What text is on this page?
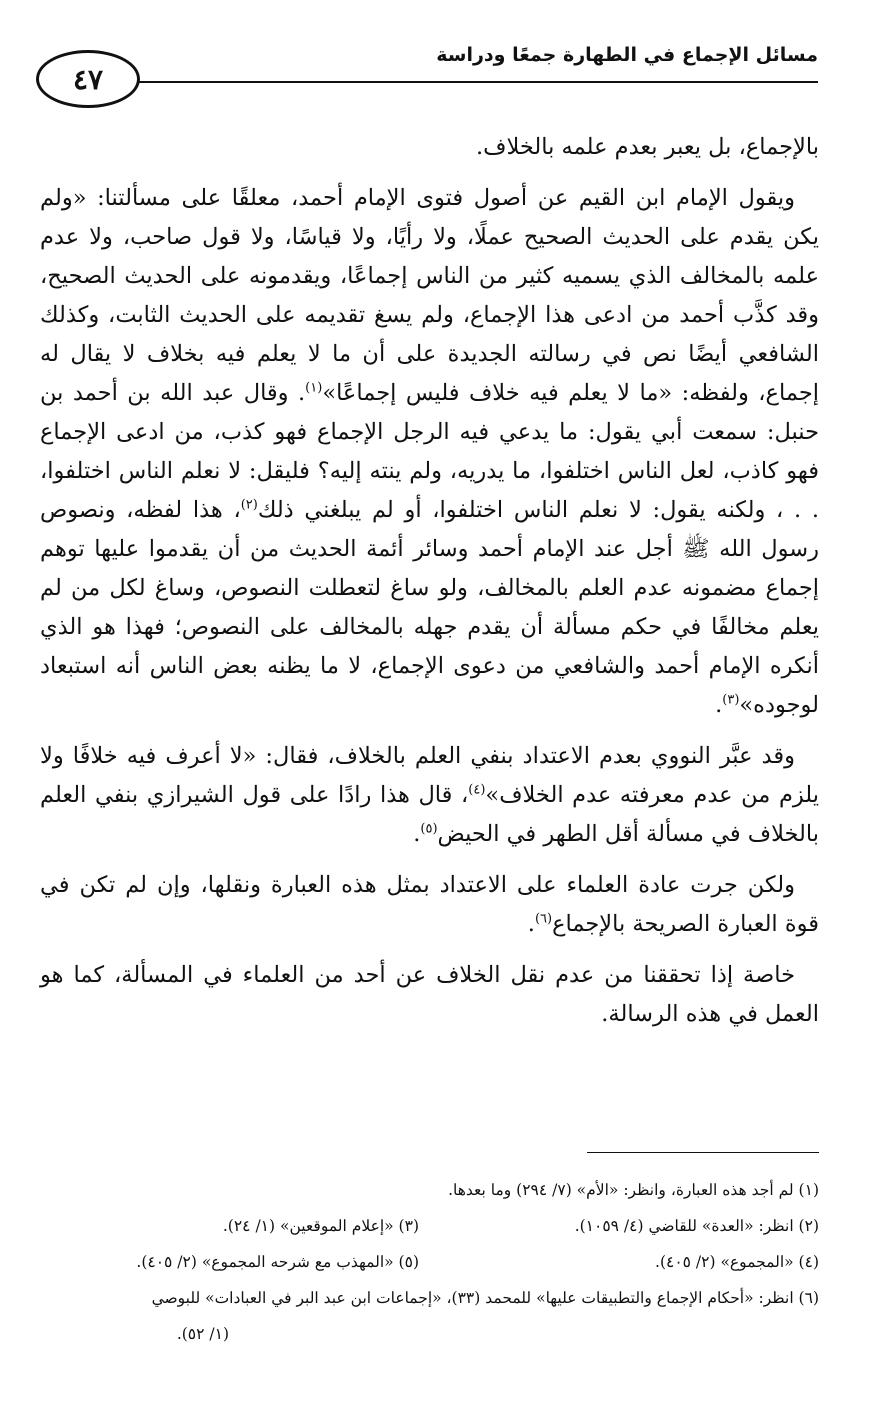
مسائل الإجماع في الطهارة جمعًا ودراسة
٤٧

بالإجماع، بل يعبر بعدم علمه بالخلاف.

ويقول الإمام ابن القيم عن أصول فتوى الإمام أحمد، معلقًا على مسألتنا: «ولم يكن يقدم على الحديث الصحيح عملًا، ولا رأيًا، ولا قياسًا، ولا قول صاحب، ولا عدم علمه بالمخالف الذي يسميه كثير من الناس إجماعًا، ويقدمونه على الحديث الصحيح، وقد كذَّب أحمد من ادعى هذا الإجماع، ولم يسغ تقديمه على الحديث الثابت، وكذلك الشافعي أيضًا نص في رسالته الجديدة على أن ما لا يعلم فيه بخلاف لا يقال له إجماع، ولفظه: «ما لا يعلم فيه خلاف فليس إجماعًا»$^{(١)}$. وقال عبد الله بن أحمد بن حنبل: سمعت أبي يقول: ما يدعي فيه الرجل الإجماع فهو كذب، من ادعى الإجماع فهو كاذب، لعل الناس اختلفوا، ما يدريه، ولم ينته إليه؟ فليقل: لا نعلم الناس اختلفوا، . . ، ولكنه يقول: لا نعلم الناس اختلفوا، أو لم يبلغني ذلك$^{(٢)}$، هذا لفظه، ونصوص رسول الله ﷺ أجل عند الإمام أحمد وسائر أئمة الحديث من أن يقدموا عليها توهم إجماع مضمونه عدم العلم بالمخالف، ولو ساغ لتعطلت النصوص، وساغ لكل من لم يعلم مخالفًا في حكم مسألة أن يقدم جهله بالمخالف على النصوص؛ فهذا هو الذي أنكره الإمام أحمد والشافعي من دعوى الإجماع، لا ما يظنه بعض الناس أنه استبعاد لوجوده»$^{(٣)}$.

وقد عبَّر النووي بعدم الاعتداد بنفي العلم بالخلاف، فقال: «لا أعرف فيه خلافًا ولا يلزم من عدم معرفته عدم الخلاف»$^{(٤)}$، قال هذا رادًا على قول الشيرازي بنفي العلم بالخلاف في مسألة أقل الطهر في الحيض$^{(٥)}$.

ولكن جرت عادة العلماء على الاعتداد بمثل هذه العبارة ونقلها، وإن لم تكن في قوة العبارة الصريحة بالإجماع$^{(٦)}$.

خاصة إذا تحققنا من عدم نقل الخلاف عن أحد من العلماء في المسألة، كما هو العمل في هذه الرسالة.

(١) لم أجد هذه العبارة، وانظر: «الأم» (٧/ ٢٩٤) وما بعدها.
(٢) انظر: «العدة» للقاضي (٤/ ١٠٥٩).
(٣) «إعلام الموقعين» (١/ ٢٤).
(٤) «المجموع» (٢/ ٤٠٥).
(٥) «المهذب مع شرحه المجموع» (٢/ ٤٠٥).
(٦) انظر: «أحكام الإجماع والتطبيقات عليها» للمحمد (٣٣)، «إجماعات ابن عبد البر في العبادات» للبوصي
(١/ ٥٢).
